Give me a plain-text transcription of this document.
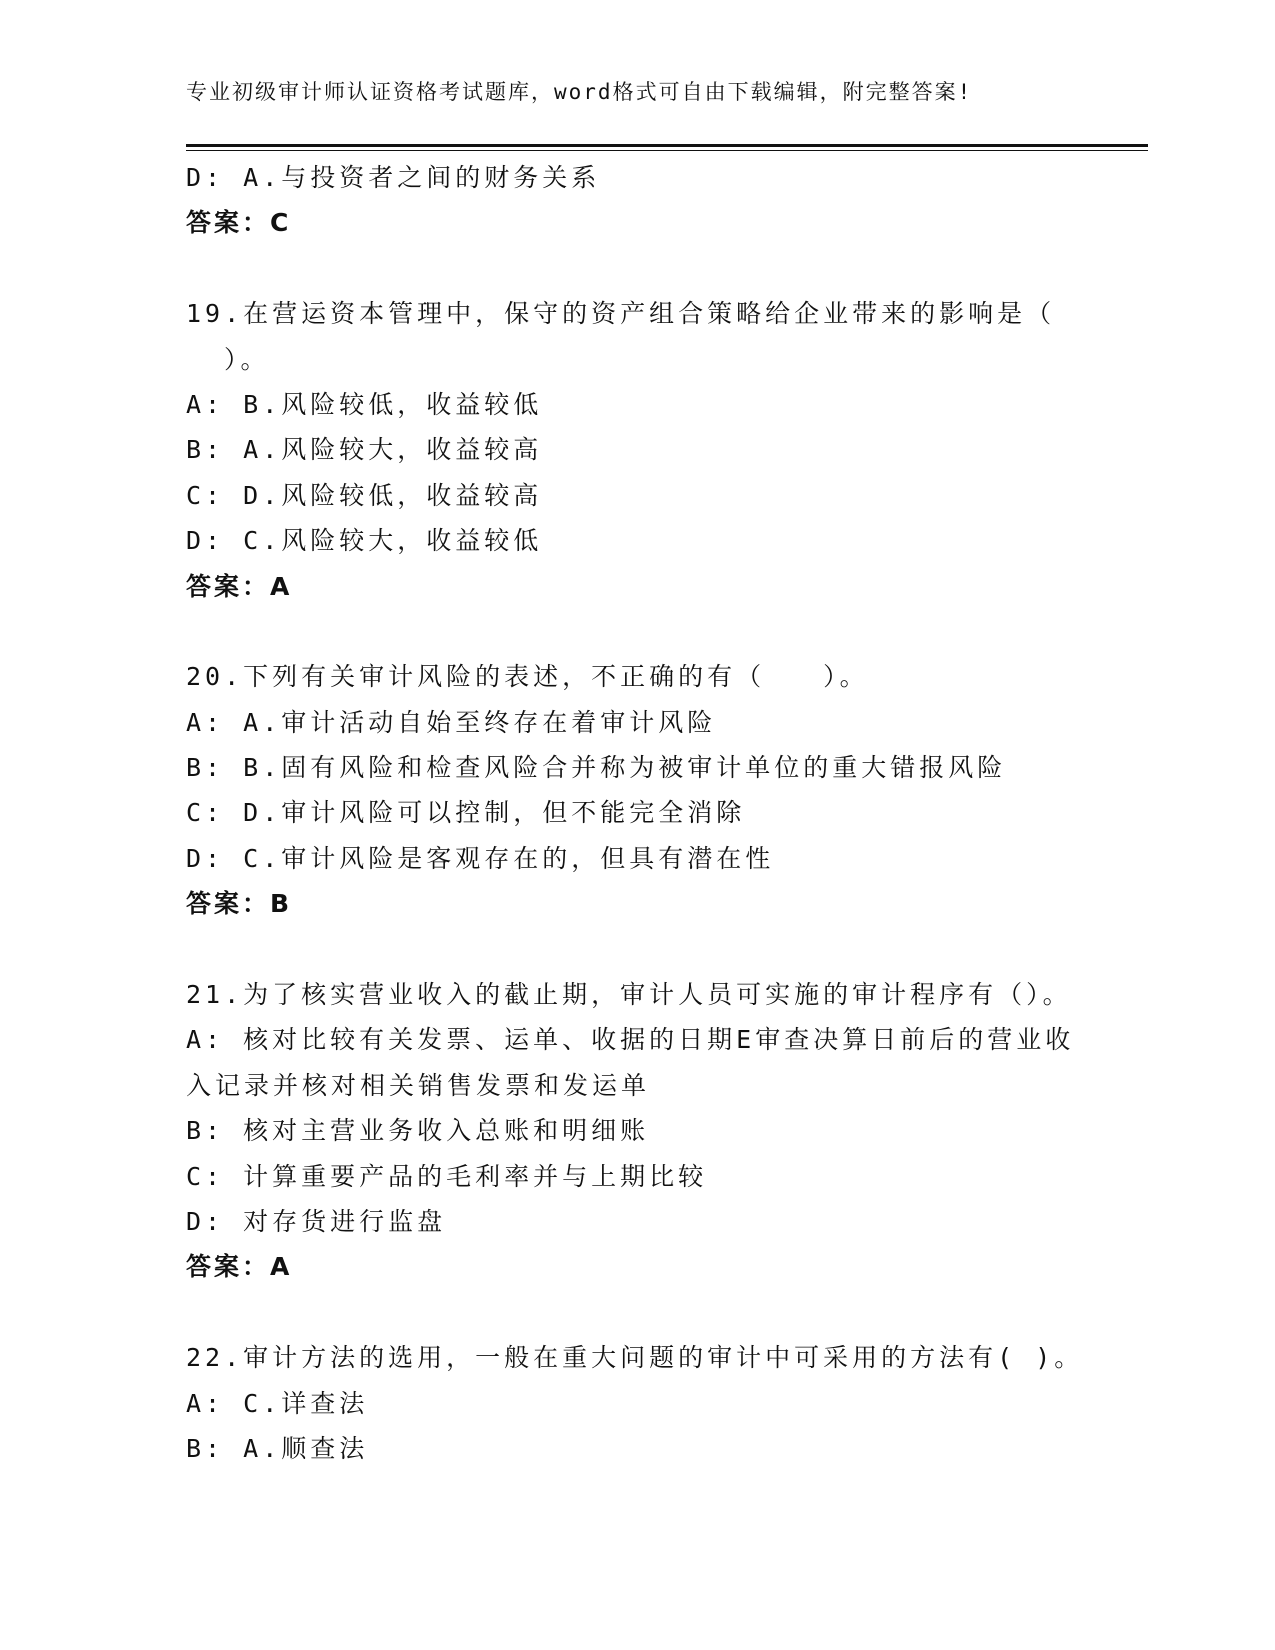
专业初级审计师认证资格考试题库，word格式可自由下载编辑，附完整答案!
D: A.与投资者之间的财务关系
答案：C
19.在营运资本管理中，保守的资产组合策略给企业带来的影响是（
）。
A: B.风险较低，收益较低
B: A.风险较大，收益较高
C: D.风险较低，收益较高
D: C.风险较大，收益较低
答案：A
20.下列有关审计风险的表述，不正确的有（　　）。
A: A.审计活动自始至终存在着审计风险
B: B.固有风险和检查风险合并称为被审计单位的重大错报风险
C: D.审计风险可以控制，但不能完全消除
D: C.审计风险是客观存在的，但具有潜在性
答案：B
21.为了核实营业收入的截止期，审计人员可实施的审计程序有（）。
A: 核对比较有关发票、运单、收据的日期E审查决算日前后的营业收
入记录并核对相关销售发票和发运单
B: 核对主营业务收入总账和明细账
C: 计算重要产品的毛利率并与上期比较
D: 对存货进行监盘
答案：A
22.审计方法的选用，一般在重大问题的审计中可采用的方法有( )。
A: C.详查法
B: A.顺查法
